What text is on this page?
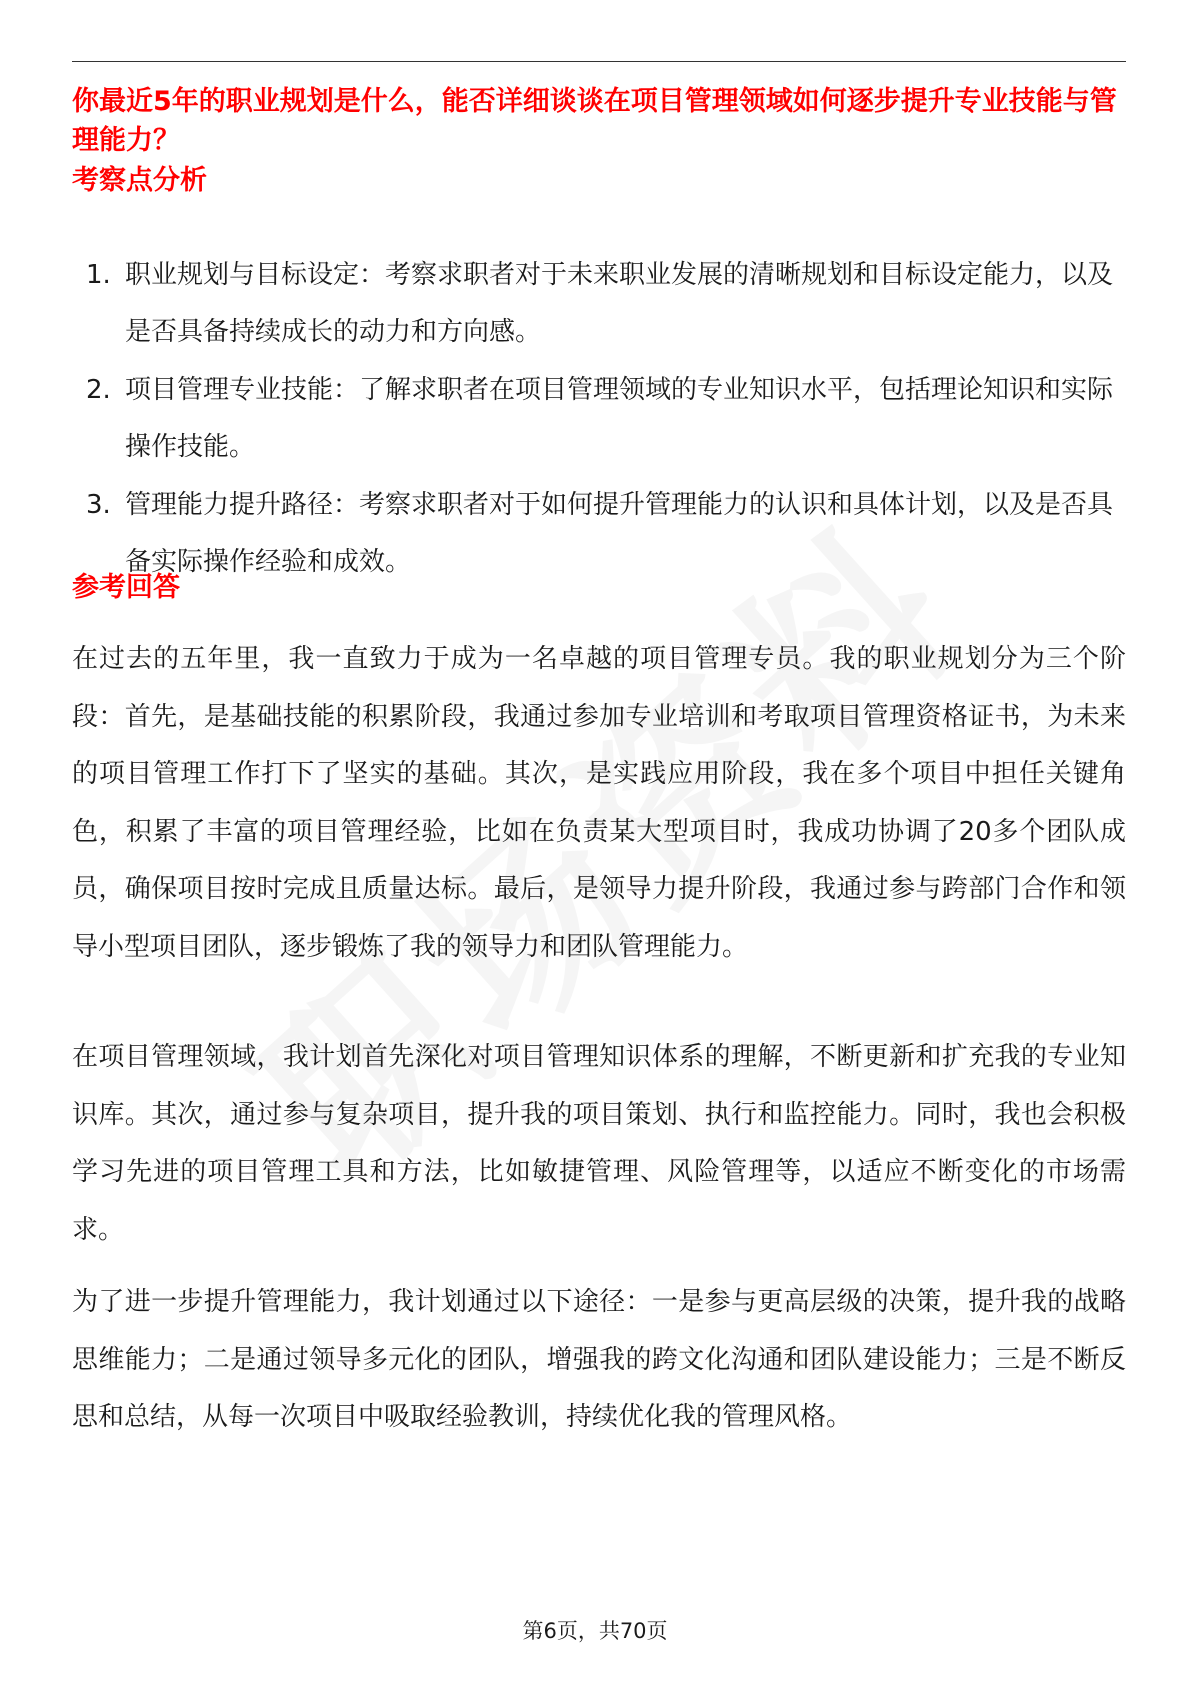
你最近5年的职业规划是什么，能否详细谈谈在项目管理领域如何逐步提升专业技能与管理能力？
考察点分析
1. 职业规划与目标设定：考察求职者对于未来职业发展的清晰规划和目标设定能力，以及是否具备持续成长的动力和方向感。
2. 项目管理专业技能：了解求职者在项目管理领域的专业知识水平，包括理论知识和实际操作技能。
3. 管理能力提升路径：考察求职者对于如何提升管理能力的认识和具体计划，以及是否具备实际操作经验和成效。
参考回答

在过去的五年里，我一直致力于成为一名卓越的项目管理专员。我的职业规划分为三个阶段：首先，是基础技能的积累阶段，我通过参加专业培训和考取项目管理资格证书，为未来的项目管理工作打下了坚实的基础。其次，是实践应用阶段，我在多个项目中担任关键角色，积累了丰富的项目管理经验，比如在负责某大型项目时，我成功协调了20多个团队成员，确保项目按时完成且质量达标。最后，是领导力提升阶段，我通过参与跨部门合作和领导小型项目团队，逐步锻炼了我的领导力和团队管理能力。

在项目管理领域，我计划首先深化对项目管理知识体系的理解，不断更新和扩充我的专业知识库。其次，通过参与复杂项目，提升我的项目策划、执行和监控能力。同时，我也会积极学习先进的项目管理工具和方法，比如敏捷管理、风险管理等，以适应不断变化的市场需求。

为了进一步提升管理能力，我计划通过以下途径：一是参与更高层级的决策，提升我的战略思维能力；二是通过领导多元化的团队，增强我的跨文化沟通和团队建设能力；三是不断反思和总结，从每一次项目中吸取经验教训，持续优化我的管理风格。

第6页，共70页
